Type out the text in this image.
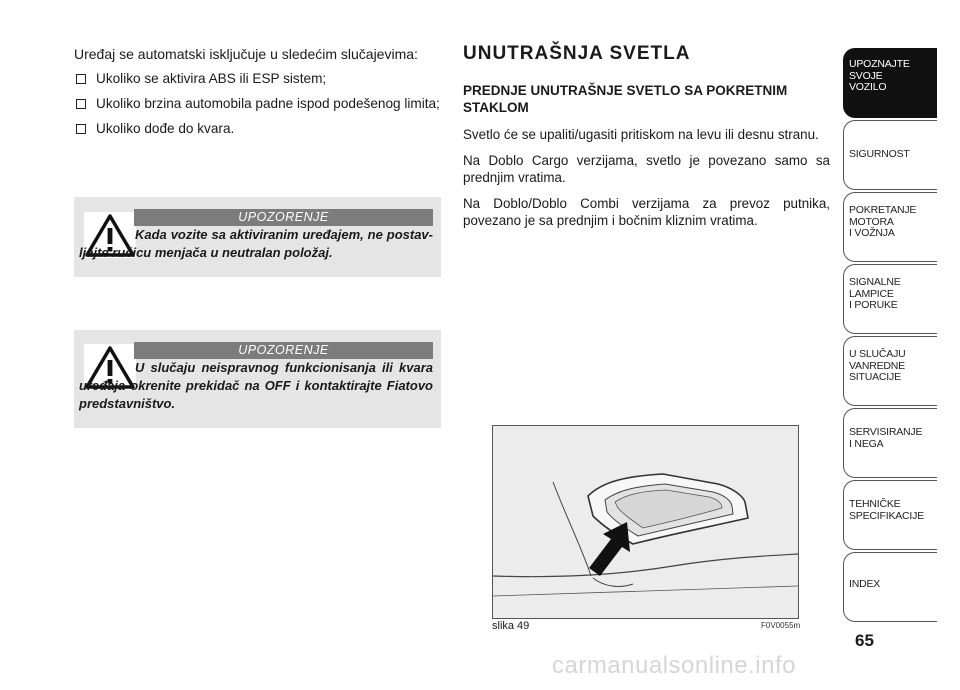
Uređaj se automatski isključuje u sledećim slučajevima:
Ukoliko se aktivira ABS ili ESP sistem;
Ukoliko brzina automobila padne ispod podešenog limita;
Ukoliko dođe do kvara.
UPOZORENJE
Kada vozite sa aktiviranim uređajem, ne postav-ljajte ručicu menjača u neutralan položaj.
UPOZORENJE
U slučaju neispravnog funkcionisanja ili kvara uređaja okrenite prekidač na OFF i kontaktirajte Fiatovo predstavništvo.
UNUTRAŠNJA SVETLA
PREDNJE UNUTRAŠNJE SVETLO SA POKRETNIM STAKLOM
Svetlo će se upaliti/ugasiti pritiskom na levu ili desnu stranu.
Na Doblo Cargo verzijama, svetlo je povezano samo sa prednjim vratima.
Na Doblo/Doblo Combi verzijama za prevoz putnika, povezano je sa prednjim i bočnim kliznim vratima.
slika 49	F0V0055m
UPOZNAJTE
SVOJE
VOZILO
SIGURNOST
POKRETANJE
MOTORA
I VOŽNJA
SIGNALNE
LAMPICE
I PORUKE
U SLUČAJU
VANREDNE
SITUACIJE
SERVISIRANJE
I NEGA
TEHNIČKE
SPECIFIKACIJE
INDEX
65
carmanualsonline.info
